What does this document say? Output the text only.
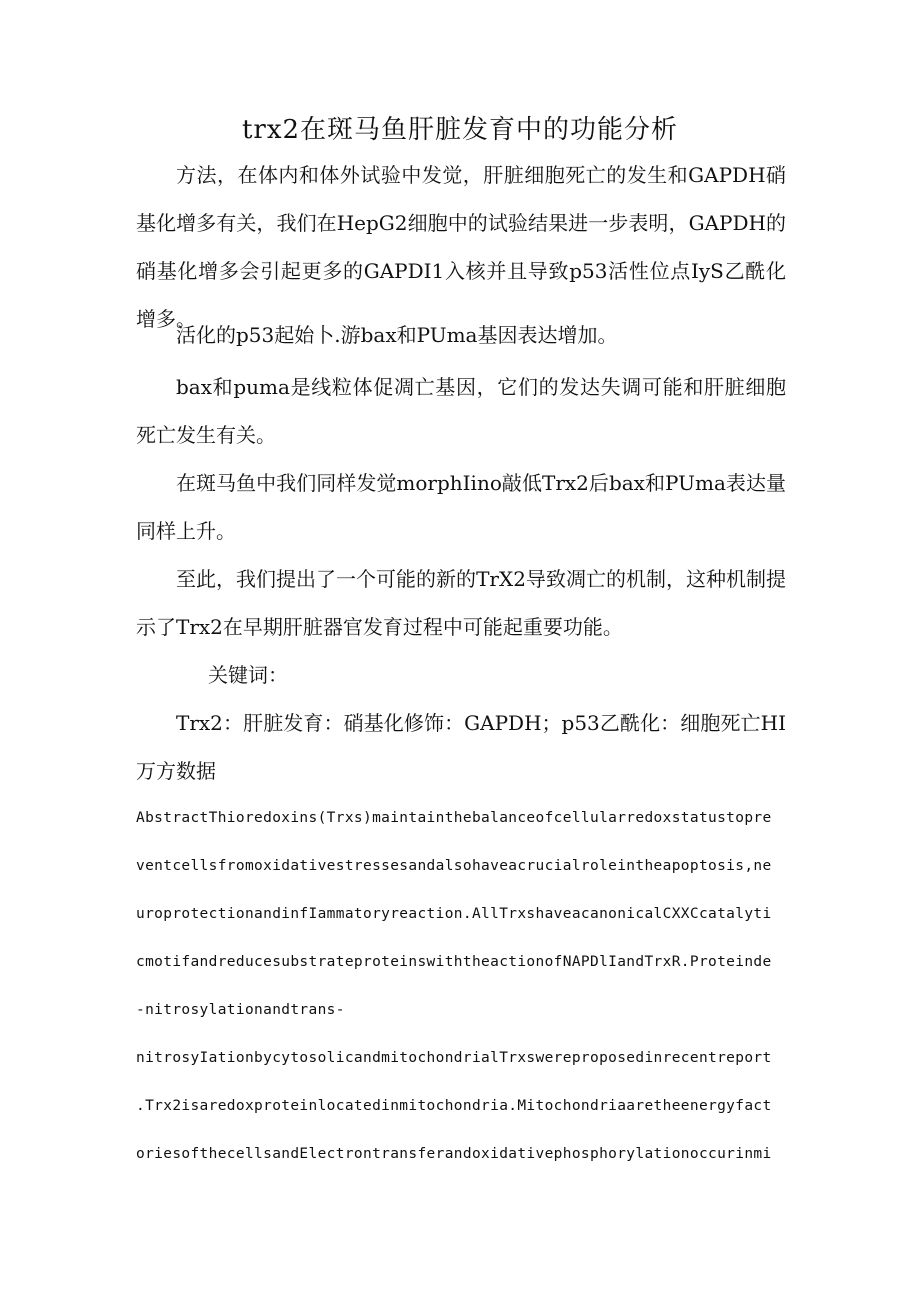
trx2在斑马鱼肝脏发育中的功能分析

方法，在体内和体外试验中发觉，肝脏细胞死亡的发生和GAPDH硝基化增多有关，我们在HepG2细胞中的试验结果进一步表明，GAPDH的硝基化增多会引起更多的GAPDI1入核并且导致p53活性位点IyS乙酰化增多。

活化的p53起始卜.游bax和PUma基因表达增加。

bax和puma是线粒体促凋亡基因，它们的发达失调可能和肝脏细胞死亡发生有关。

在斑马鱼中我们同样发觉morphIino敲低Trx2后bax和PUma表达量同样上升。

至此，我们提出了一个可能的新的TrX2导致凋亡的机制，这种机制提示了Trx2在早期肝脏器官发育过程中可能起重要功能。

关键词：

Trx2：肝脏发育：硝基化修饰：GAPDH；p53乙酰化：细胞死亡HI万方数据

AbstractThioredoxins(Trxs)maintainthebalanceofcellularredoxstatustopre
ventcellsfromoxidativestressesandalsohaveacrucialroleintheapoptosis,ne
uroprotectionandinfIammatoryreaction.AllTrxshaveacanonicalCXXCcatalyti
cmotifandreducesubstrateproteinswiththeactionofNAPDlIandTrxR.Proteinde
-nitrosylationandtrans-
nitrosyIationbycytosolicandmitochondrialTrxswereproposedinrecentreport
.Trx2isaredoxproteinlocatedinmitochondria.Mitochondriaaretheenergyfact
oriesofthecellsandElectrontransferandoxidativephosphorylationoccurinmi
